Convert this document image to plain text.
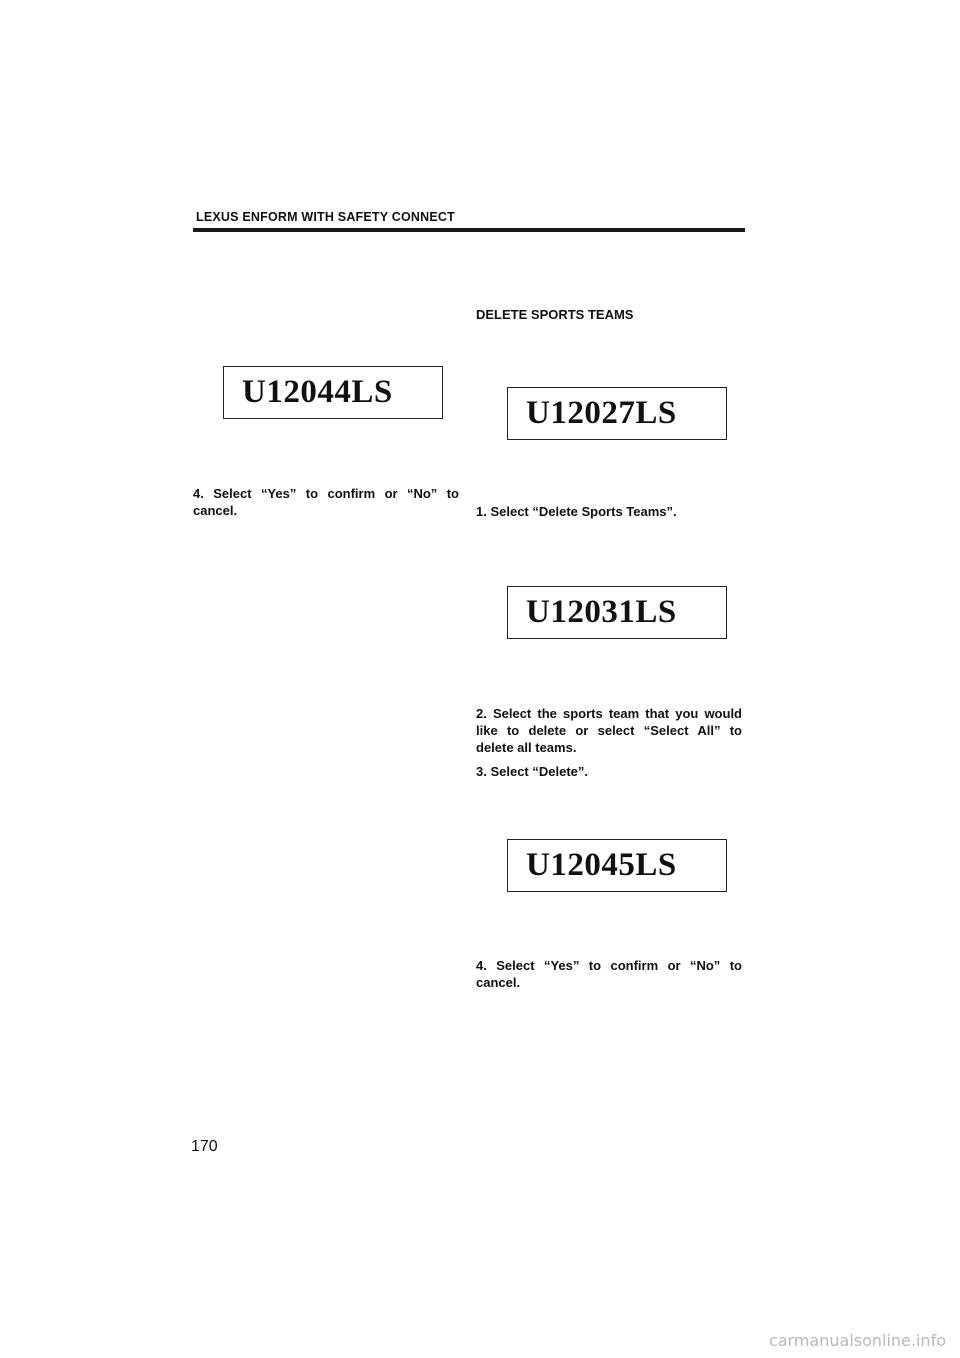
LEXUS ENFORM WITH SAFETY CONNECT
U12044LS
4. Select “Yes” to confirm or “No” to cancel.
DELETE SPORTS TEAMS
U12027LS
1. Select “Delete Sports Teams”.
U12031LS
2. Select the sports team that you would like to delete or select “Select All” to delete all teams.
3. Select “Delete”.
U12045LS
4. Select “Yes” to confirm or “No” to cancel.
170
carmanualsonline.info
